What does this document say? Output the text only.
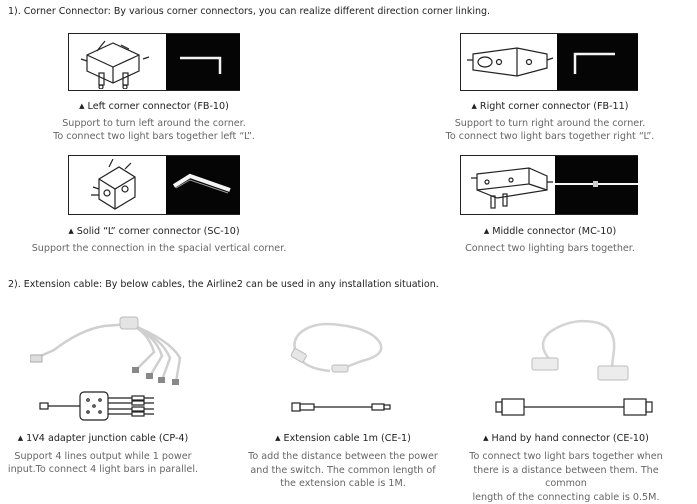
1). Corner Connector: By various corner connectors, you can realize different direction corner linking.
▲ Left corner connector (FB-10)
Support to turn left around the corner.
To connect two light bars together left “L”.
▲ Right corner connector (FB-11)
Support to turn right around the corner.
To connect two light bars together right “L”.
▲ Solid “L” corner connector (SC-10)
Support the connection in the spacial vertical corner.
▲ Middle connector (MC-10)
Connect two lighting bars together.
2). Extension cable: By below cables, the Airline2 can be used in any installation situation.
▲ 1V4 adapter junction cable (CP-4)
Support 4 lines output while 1 power
input.To connect 4 light bars in parallel.
▲ Extension cable 1m (CE-1)
To add the distance between the power
and the switch. The common length of
the extension cable is 1M.
▲ Hand by hand connector (CE-10)
To connect two light bars together when
there is a distance between them. The common
length of the connecting cable is 0.5M.
